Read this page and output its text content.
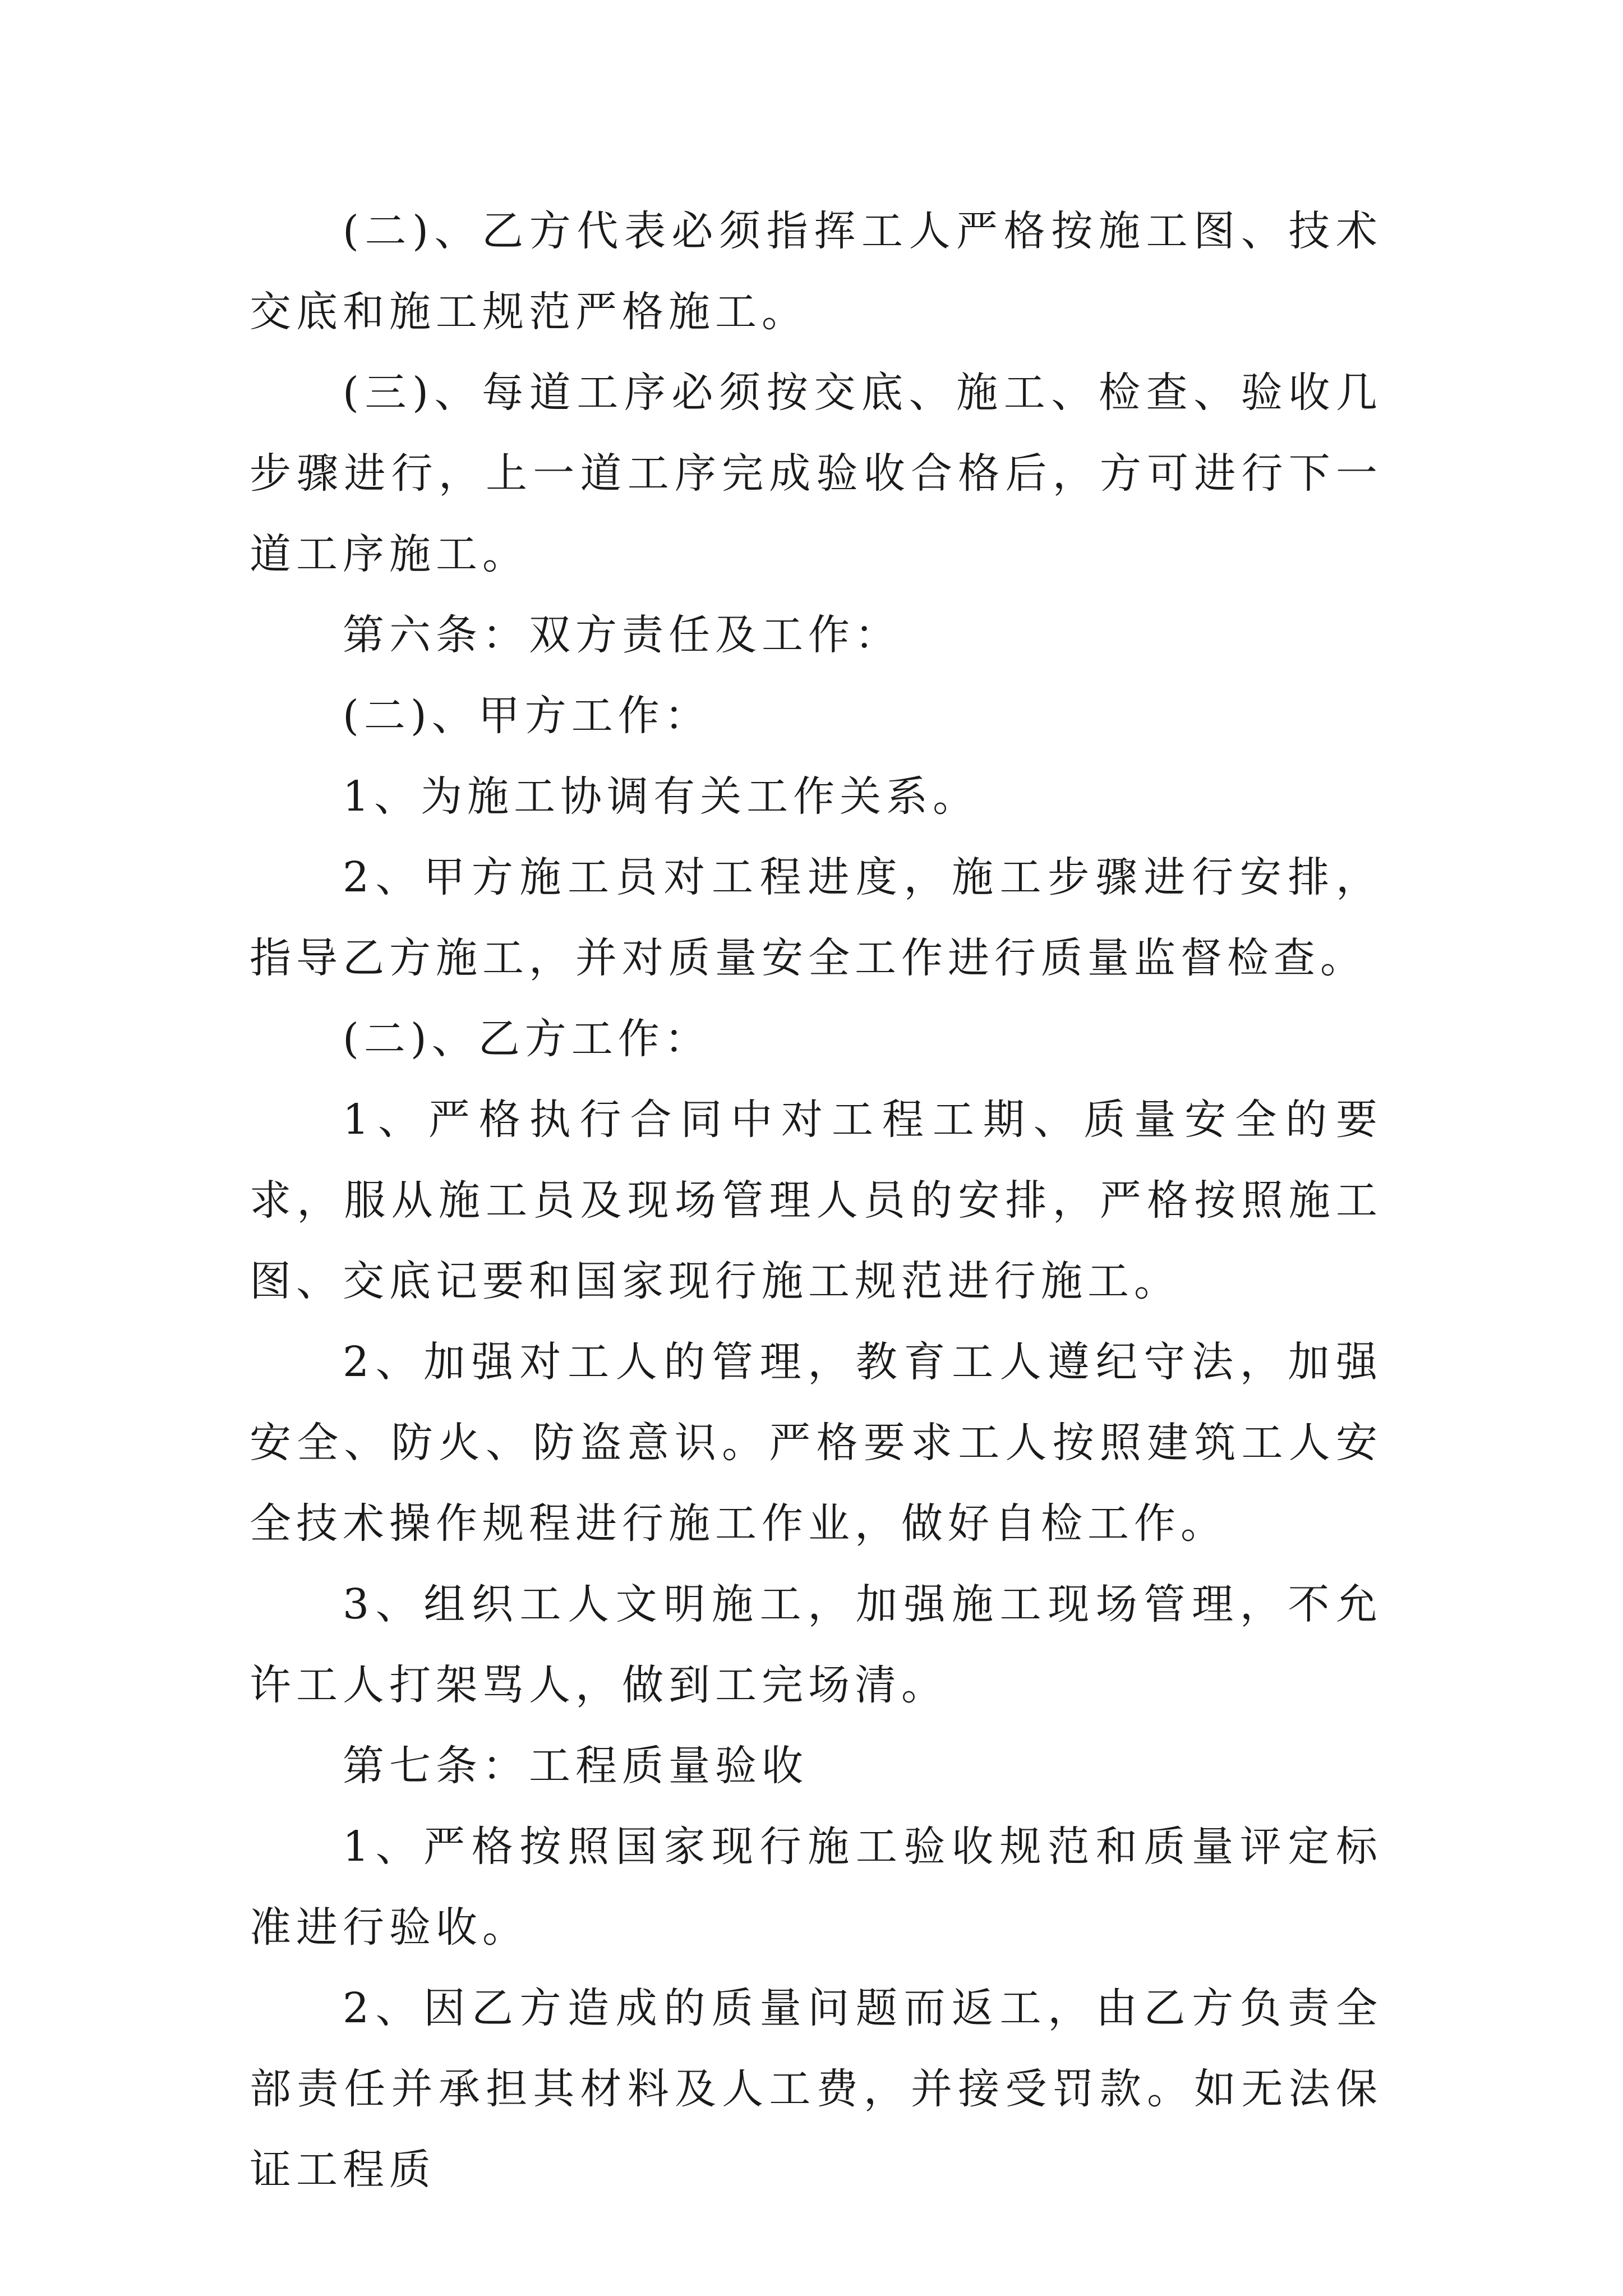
(二)、乙方代表必须指挥工人严格按施工图、技术交底和施工规范严格施工。

(三)、每道工序必须按交底、施工、检查、验收几步骤进行，上一道工序完成验收合格后，方可进行下一道工序施工。

第六条：双方责任及工作：

(二)、甲方工作：

1、为施工协调有关工作关系。

2、甲方施工员对工程进度，施工步骤进行安排，指导乙方施工，并对质量安全工作进行质量监督检查。

(二)、乙方工作：

1、严格执行合同中对工程工期、质量安全的要求，服从施工员及现场管理人员的安排，严格按照施工图、交底记要和国家现行施工规范进行施工。

2、加强对工人的管理，教育工人遵纪守法，加强安全、防火、防盗意识。严格要求工人按照建筑工人安全技术操作规程进行施工作业，做好自检工作。

3、组织工人文明施工，加强施工现场管理，不允许工人打架骂人，做到工完场清。

第七条：工程质量验收

1、严格按照国家现行施工验收规范和质量评定标准进行验收。

2、因乙方造成的质量问题而返工，由乙方负责全部责任并承担其材料及人工费，并接受罚款。如无法保证工程质
